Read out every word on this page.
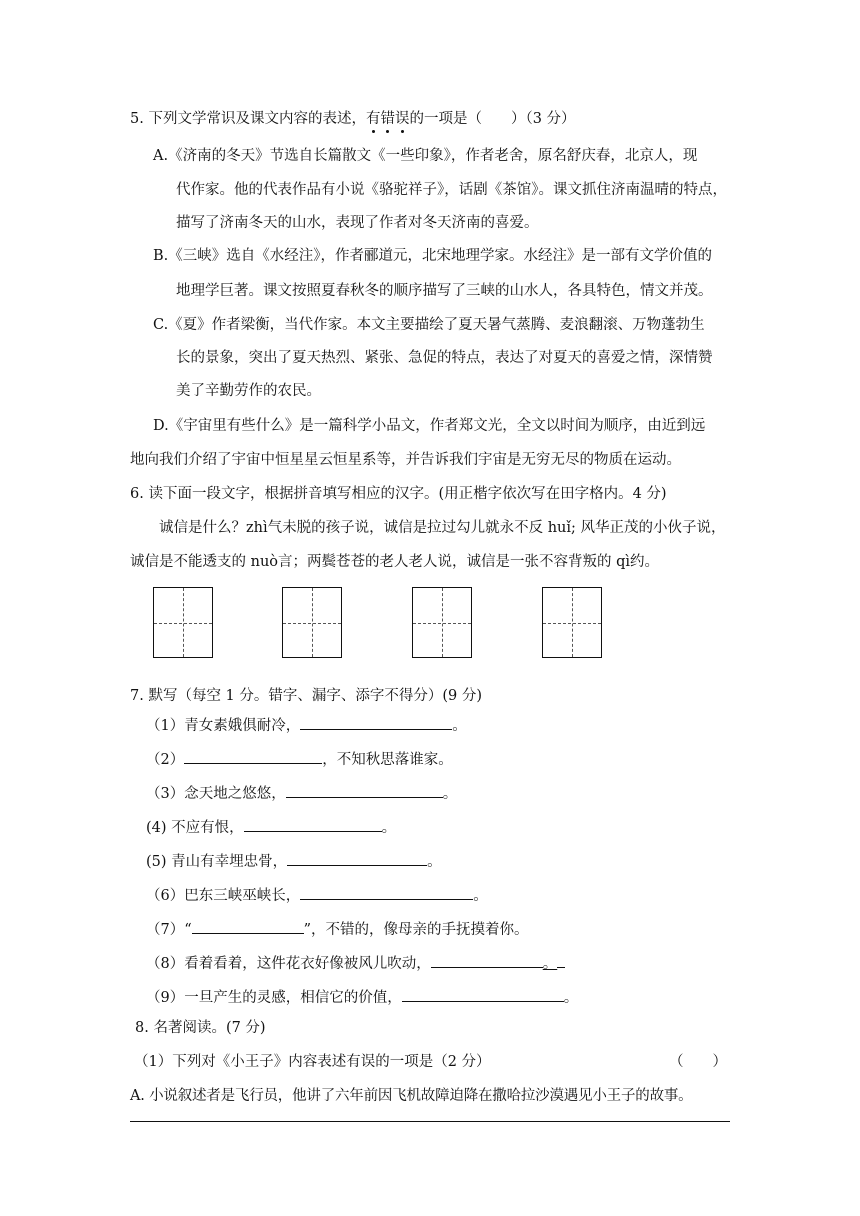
5. 下列文学常识及课文内容的表述，有错误的一项是（　　）（3 分）
A.《济南的冬天》节选自长篇散文《一些印象》，作者老舍，原名舒庆春，北京人，现
代作家。他的代表作品有小说《骆驼祥子》，话剧《茶馆》。课文抓住济南温晴的特点，
描写了济南冬天的山水，表现了作者对冬天济南的喜爱。
B.《三峡》选自《水经注》，作者郦道元，北宋地理学家。水经注》是一部有文学价值的
地理学巨著。课文按照夏春秋冬的顺序描写了三峡的山水人，各具特色，情文并茂。
C.《夏》作者梁衡，当代作家。本文主要描绘了夏天暑气蒸腾、麦浪翻滚、万物蓬勃生
长的景象，突出了夏天热烈、紧张、急促的特点，表达了对夏天的喜爱之情，深情赞
美了辛勤劳作的农民。
D.《宇宙里有些什么》是一篇科学小品文，作者郑文光，全文以时间为顺序，由近到远
地向我们介绍了宇宙中恒星星云恒星系等，并告诉我们宇宙是无穷无尽的物质在运动。
6. 读下面一段文字，根据拼音填写相应的汉字。(用正楷字依次写在田字格内。4 分)
诚信是什么？zhì气未脱的孩子说，诚信是拉过勾儿就永不反 huǐ; 风华正茂的小伙子说，
诚信是不能透支的 nuò言；两鬓苍苍的老人老人说，诚信是一张不容背叛的 qì约。
7. 默写（每空 1 分。错字、漏字、添字不得分）(9 分)
（1）青女素娥俱耐冷，	。
（2）	，不知秋思落谁家。
（3）念天地之悠悠，	。
(4) 不应有恨，	。
(5) 青山有幸埋忠骨，	。
（6）巴东三峡巫峡长，	。
（7）“	”，不错的，像母亲的手抚摸着你。
（8）看着看着，这件花衣好像被风儿吹动，	。
（9）一旦产生的灵感，相信它的价值，	。
8. 名著阅读。(7 分)
（1）下列对《小王子》内容表述有误的一项是（2 分）	（　　）
A. 小说叙述者是飞行员，他讲了六年前因飞机故障迫降在撒哈拉沙漠遇见小王子的故事。
